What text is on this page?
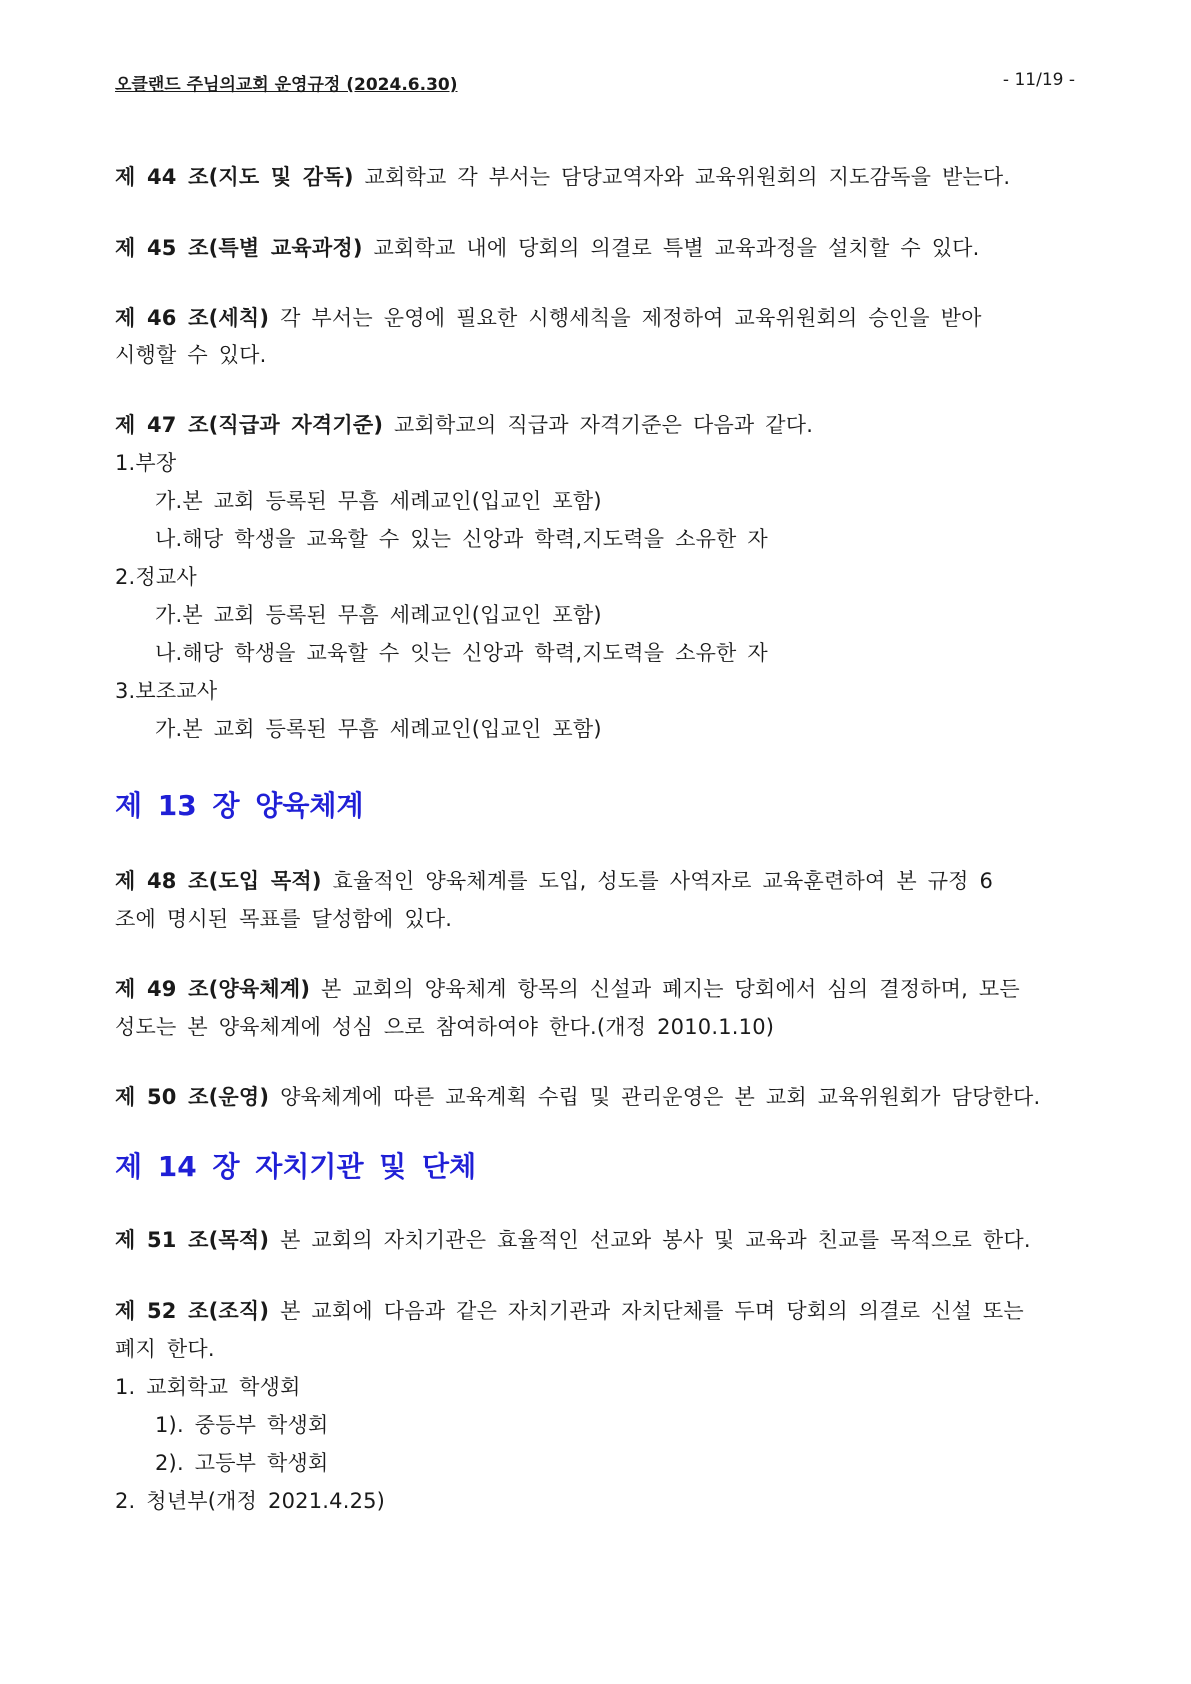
오클랜드 주님의교회 운영규정 (2024.6.30)	- 11/19 -
제 44 조(지도 및 감독) 교회학교 각 부서는 담당교역자와 교육위원회의 지도감독을 받는다.
제 45 조(특별 교육과정) 교회학교 내에 당회의 의결로 특별 교육과정을 설치할 수 있다.
제 46 조(세칙) 각 부서는 운영에 필요한 시행세칙을 제정하여 교육위원회의 승인을 받아
시행할 수 있다.
제 47 조(직급과 자격기준) 교회학교의 직급과 자격기준은 다음과 같다.
1.부장
가.본 교회 등록된 무흠 세례교인(입교인 포함)
나.해당 학생을 교육할 수 있는 신앙과 학력,지도력을 소유한 자
2.정교사
가.본 교회 등록된 무흠 세례교인(입교인 포함)
나.해당 학생을 교육할 수 잇는 신앙과 학력,지도력을 소유한 자
3.보조교사
가.본 교회 등록된 무흠 세례교인(입교인 포함)
제 13 장 양육체계
제 48 조(도입 목적) 효율적인 양육체계를 도입, 성도를 사역자로 교육훈련하여 본 규정 6
조에 명시된 목표를 달성함에 있다.
제 49 조(양육체계) 본 교회의 양육체계 항목의 신설과 폐지는 당회에서 심의 결정하며, 모든
성도는 본 양육체계에 성심 으로 참여하여야 한다.(개정 2010.1.10)
제 50 조(운영) 양육체계에 따른 교육계획 수립 및 관리운영은 본 교회 교육위원회가 담당한다.
제 14 장 자치기관 및 단체
제 51 조(목적) 본 교회의 자치기관은 효율적인 선교와 봉사 및 교육과 친교를 목적으로 한다.
제 52 조(조직) 본 교회에 다음과 같은 자치기관과 자치단체를 두며 당회의 의결로 신설 또는
폐지 한다.
1. 교회학교 학생회
1). 중등부 학생회
2). 고등부 학생회
2. 청년부(개정 2021.4.25)
